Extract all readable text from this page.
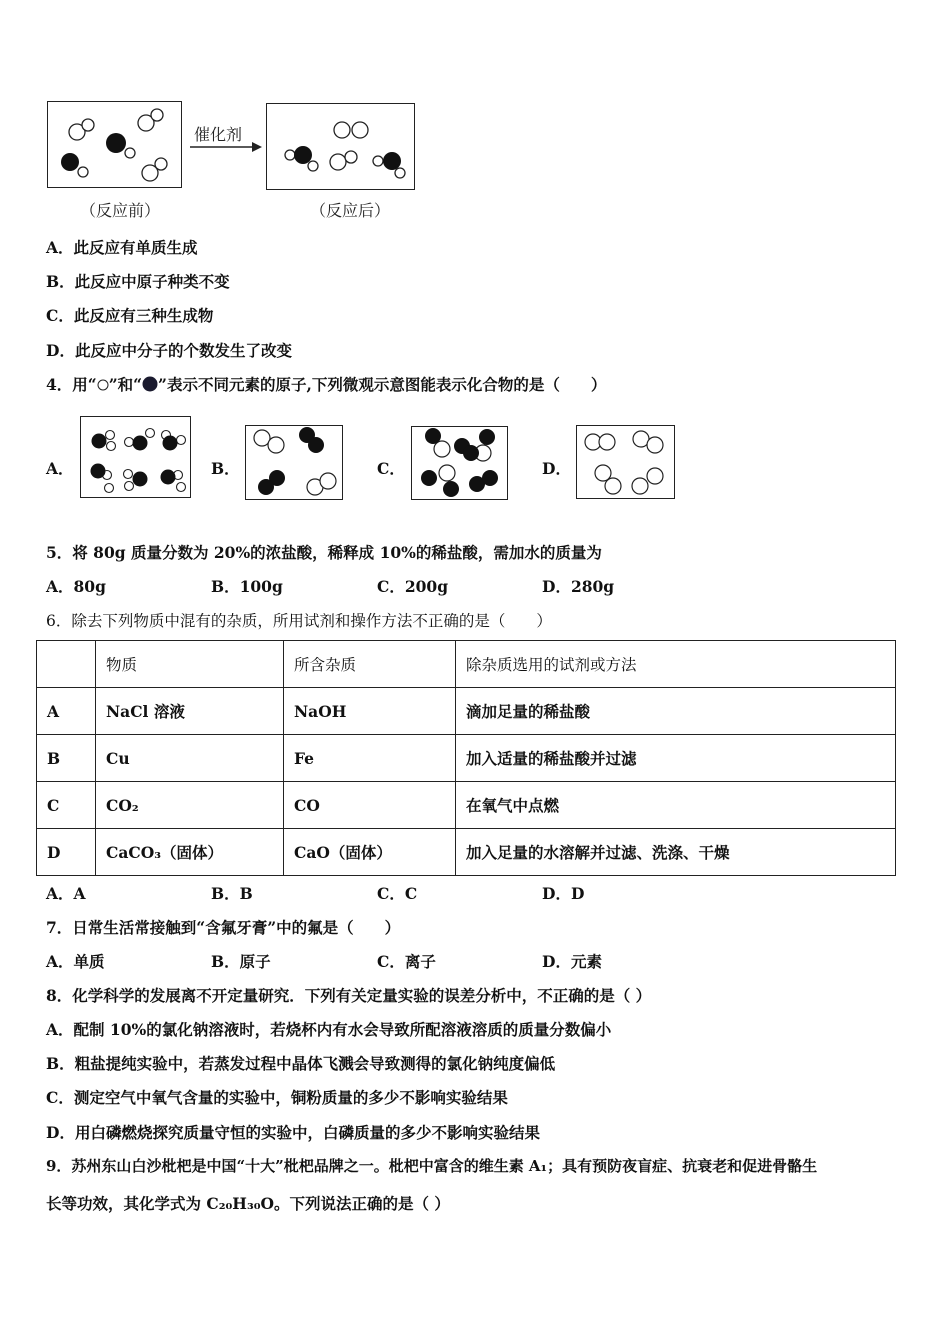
（反应前）
催化剂
（反应后）
A．此反应有单质生成
B．此反应中原子种类不变
C．此反应有三种生成物
D．此反应中分子的个数发生了改变
4．用“ ”和“ ”表示不同元素的原子,下列微观示意图能表示化合物的是（　　）
A．	B．	C．	D．
5．将 80g 质量分数为 20%的浓盐酸，稀释成 10%的稀盐酸，需加水的质量为
A．80g	B．100g	C．200g	D．280g
6．除去下列物质中混有的杂质，所用试剂和操作方法不正确的是（　　）
	物质	所含杂质	除杂质选用的试剂或方法
A	NaCl 溶液	NaOH	滴加足量的稀盐酸
B	Cu	Fe	加入适量的稀盐酸并过滤
C	CO₂	CO	在氧气中点燃
D	CaCO₃（固体）	CaO（固体）	加入足量的水溶解并过滤、洗涤、干燥
A．A	B．B	C．C	D．D
7．日常生活常接触到“含氟牙膏”中的氟是（　　）
A．单质	B．原子	C．离子	D．元素
8．化学科学的发展离不开定量研究．下列有关定量实验的误差分析中，不正确的是（ ）
A．配制 10%的氯化钠溶液时，若烧杯内有水会导致所配溶液溶质的质量分数偏小
B．粗盐提纯实验中，若蒸发过程中晶体飞溅会导致测得的氯化钠纯度偏低
C．测定空气中氧气含量的实验中，铜粉质量的多少不影响实验结果
D．用白磷燃烧探究质量守恒的实验中，白磷质量的多少不影响实验结果
9．苏州东山白沙枇杷是中国“十大”枇杷品牌之一。枇杷中富含的维生素 A₁；具有预防夜盲症、抗衰老和促进骨骼生
长等功效，其化学式为 C₂₀H₃₀O。下列说法正确的是（ ）
